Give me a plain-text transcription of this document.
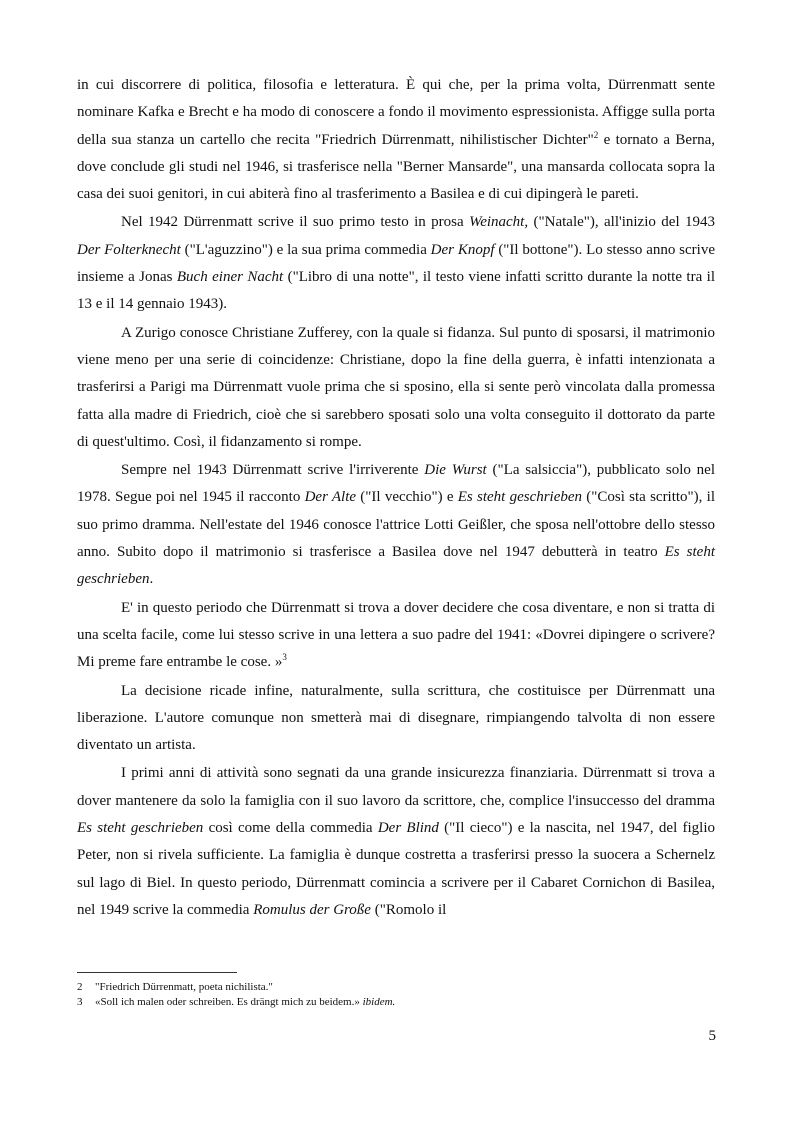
in cui discorrere di politica, filosofia e letteratura. È qui che, per la prima volta, Dürrenmatt sente nominare Kafka e Brecht e ha modo di conoscere a fondo il movimento espressionista. Affigge sulla porta della sua stanza un cartello che recita "Friedrich Dürrenmatt, nihilistischer Dichter"$^2$ e tornato a Berna, dove conclude gli studi nel 1946, si trasferisce nella "Berner Mansarde", una mansarda collocata sopra la casa dei suoi genitori, in cui abiterà fino al trasferimento a Basilea e di cui dipingerà le pareti.

Nel 1942 Dürrenmatt scrive il suo primo testo in prosa Weinacht, ("Natale"), all'inizio del 1943 Der Folterknecht ("L'aguzzino") e la sua prima commedia Der Knopf ("Il bottone"). Lo stesso anno scrive insieme a Jonas Buch einer Nacht ("Libro di una notte", il testo viene infatti scritto durante la notte tra il 13 e il 14 gennaio 1943).

A Zurigo conosce Christiane Zufferey, con la quale si fidanza. Sul punto di sposarsi, il matrimonio viene meno per una serie di coincidenze: Christiane, dopo la fine della guerra, è infatti intenzionata a trasferirsi a Parigi ma Dürrenmatt vuole prima che si sposino, ella si sente però vincolata dalla promessa fatta alla madre di Friedrich, cioè che si sarebbero sposati solo una volta conseguito il dottorato da parte di quest'ultimo. Così, il fidanzamento si rompe.

Sempre nel 1943 Dürrenmatt scrive l'irriverente Die Wurst ("La salsiccia"), pubblicato solo nel 1978. Segue poi nel 1945 il racconto Der Alte ("Il vecchio") e Es steht geschrieben ("Così sta scritto"), il suo primo dramma. Nell'estate del 1946 conosce l'attrice Lotti Geißler, che sposa nell'ottobre dello stesso anno. Subito dopo il matrimonio si trasferisce a Basilea dove nel 1947 debutterà in teatro Es steht geschrieben.

E' in questo periodo che Dürrenmatt si trova a dover decidere che cosa diventare, e non si tratta di una scelta facile, come lui stesso scrive in una lettera a suo padre del 1941: «Dovrei dipingere o scrivere? Mi preme fare entrambe le cose. »$^3$

La decisione ricade infine, naturalmente, sulla scrittura, che costituisce per Dürrenmatt una liberazione. L'autore comunque non smetterà mai di disegnare, rimpiangendo talvolta di non essere diventato un artista.

I primi anni di attività sono segnati da una grande insicurezza finanziaria. Dürrenmatt si trova a dover mantenere da solo la famiglia con il suo lavoro da scrittore, che, complice l'insuccesso del dramma Es steht geschrieben così come della commedia Der Blind ("Il cieco") e la nascita, nel 1947, del figlio Peter, non si rivela sufficiente. La famiglia è dunque costretta a trasferirsi presso la suocera a Schernelz sul lago di Biel. In questo periodo, Dürrenmatt comincia a scrivere per il Cabaret Cornichon di Basilea, nel 1949 scrive la commedia Romulus der Große ("Romolo il

2	"Friedrich Dürrenmatt, poeta nichilista."
3	«Soll ich malen oder schreiben. Es drängt mich zu beidem.» ibidem.
5
